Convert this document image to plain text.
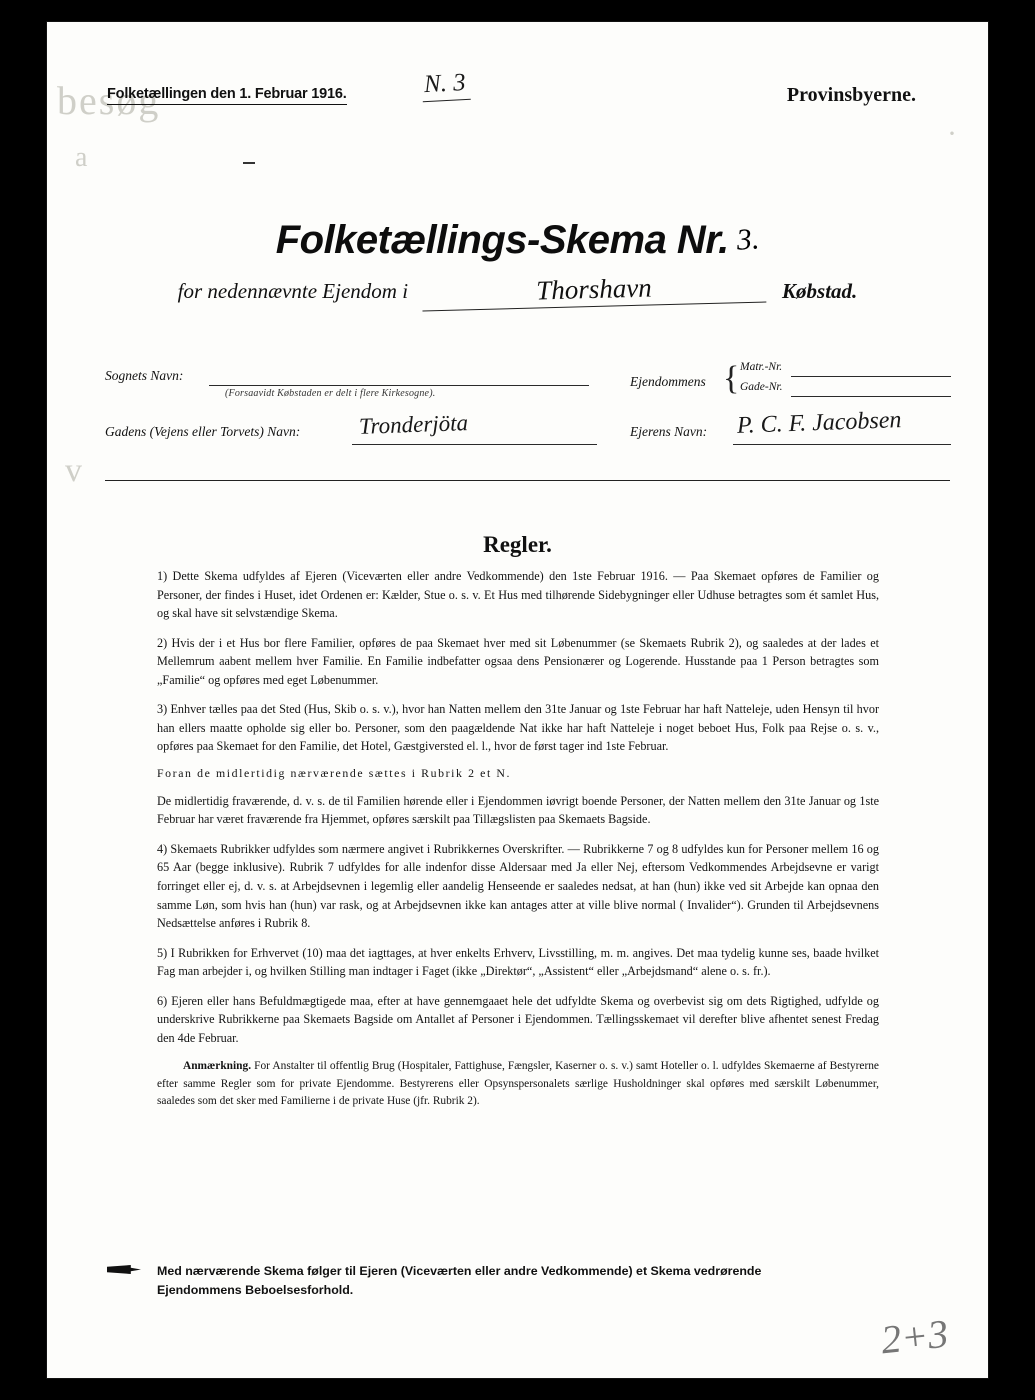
besøg
a
v
·
Folketællingen den 1. Februar 1916.	N. 3	Provinsbyerne.
Folketællings-Skema Nr. 3.
for nedennævnte Ejendom i	Thorshavn	Købstad.
Sognets Navn:
(Forsaavidt Købstaden er delt i flere Kirkesogne).
Ejendommens { Matr.-Nr.
Gade-Nr.
Gadens (Vejens eller Torvets) Navn:	Tronderjöta	Ejerens Navn: P. C. F. Jacobsen
Regler.

1) Dette Skema udfyldes af Ejeren (Viceværten eller andre Vedkommende) den 1ste Februar 1916. — Paa Skemaet opføres de Familier og Personer, der findes i Huset, idet Ordenen er: Kælder, Stue o. s. v. Et Hus med tilhørende Sidebygninger eller Udhuse betragtes som ét samlet Hus, og skal have sit selvstændige Skema.

2) Hvis der i et Hus bor flere Familier, opføres de paa Skemaet hver med sit Løbenummer (se Skemaets Rubrik 2), og saaledes at der lades et Mellemrum aabent mellem hver Familie. En Familie indbefatter ogsaa dens Pensionærer og Logerende. Husstande paa 1 Person betragtes som „Familie“ og opføres med eget Løbenummer.

3) Enhver tælles paa det Sted (Hus, Skib o. s. v.), hvor han Natten mellem den 31te Januar og 1ste Februar har haft Natteleje, uden Hensyn til hvor han ellers maatte opholde sig eller bo. Personer, som den paagældende Nat ikke har haft Natteleje i noget beboet Hus, Folk paa Rejse o. s. v., opføres paa Skemaet for den Familie, det Hotel, Gæstgiversted el. l., hvor de først tager ind 1ste Februar.

Foran de midlertidig nærværende sættes i Rubrik 2 et N.

De midlertidig fraværende, d. v. s. de til Familien hørende eller i Ejendommen iøvrigt boende Personer, der Natten mellem den 31te Januar og 1ste Februar har været fraværende fra Hjemmet, opføres særskilt paa Tillægslisten paa Skemaets Bagside.

4) Skemaets Rubrikker udfyldes som nærmere angivet i Rubrikkernes Overskrifter. — Rubrikkerne 7 og 8 udfyldes kun for Personer mellem 16 og 65 Aar (begge inklusive). Rubrik 7 udfyldes for alle indenfor disse Aldersaar med Ja eller Nej, eftersom Vedkommendes Arbejdsevne er varigt forringet eller ej, d. v. s. at Arbejdsevnen i legemlig eller aandelig Henseende er saaledes nedsat, at han (hun) ikke ved sit Arbejde kan opnaa den samme Løn, som hvis han (hun) var rask, og at Arbejdsevnen ikke kan antages atter at ville blive normal ( Invalider“). Grunden til Arbejdsevnens Nedsættelse anføres i Rubrik 8.

5) I Rubrikken for Erhvervet (10) maa det iagttages, at hver enkelts Erhverv, Livsstilling, m. m. angives. Det maa tydelig kunne ses, baade hvilket Fag man arbejder i, og hvilken Stilling man indtager i Faget (ikke „Direktør“, „Assistent“ eller „Arbejdsmand“ alene o. s. fr.).

6) Ejeren eller hans Befuldmægtigede maa, efter at have gennemgaaet hele det udfyldte Skema og overbevist sig om dets Rigtighed, udfylde og underskrive Rubrikkerne paa Skemaets Bagside om Antallet af Personer i Ejendommen. Tællingsskemaet vil derefter blive afhentet senest Fredag den 4de Februar.

Anmærkning. For Anstalter til offentlig Brug (Hospitaler, Fattighuse, Fængsler, Kaserner o. s. v.) samt Hoteller o. l. udfyldes Skemaerne af Bestyrerne efter samme Regler som for private Ejendomme. Bestyrerens eller Opsynspersonalets særlige Husholdninger skal opføres med særskilt Løbenummer, saaledes som det sker med Familierne i de private Huse (jfr. Rubrik 2).

Med nærværende Skema følger til Ejeren (Viceværten eller andre Vedkommende) et Skema vedrørende
Ejendommens Beboelsesforhold.
2+3
